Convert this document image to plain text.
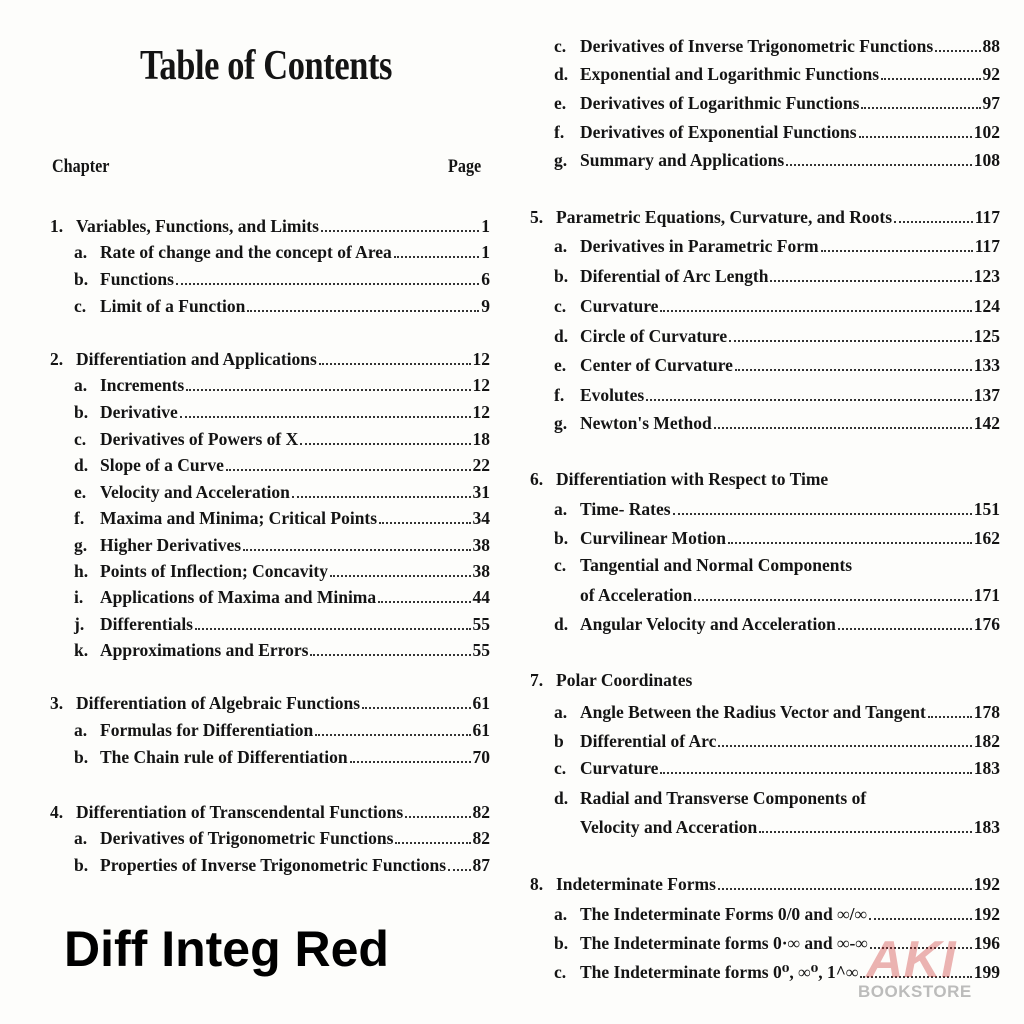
Table of Contents
Chapter	Page
1. Variables, Functions, and Limits	1
a. Rate of change and the concept of Area	1
b. Functions	6
c. Limit of a Function	9
2. Differentiation and Applications	12
a. Increments	12
b. Derivative	12
c. Derivatives of Powers of X	18
d. Slope of a Curve	22
e. Velocity and Acceleration	31
f. Maxima and Minima; Critical Points	34
g. Higher Derivatives	38
h. Points of Inflection; Concavity	38
i. Applications of Maxima and Minima	44
j. Differentials	55
k. Approximations and Errors	55
3. Differentiation of Algebraic Functions	61
a. Formulas for Differentiation	61
b. The Chain rule of Differentiation	70
4. Differentiation of Transcendental Functions	82
a. Derivatives of Trigonometric Functions	82
b. Properties of Inverse Trigonometric Functions 87
c. Derivatives of Inverse Trigonometric Functions	88
d. Exponential and Logarithmic Functions	92
e. Derivatives of Logarithmic Functions	97
f. Derivatives of Exponential Functions	102
g. Summary and Applications	108
5. Parametric Equations, Curvature, and Roots	117
a. Derivatives in Parametric Form	117
b. Diferential of Arc Length	123
c. Curvature	124
d. Circle of Curvature	125
e. Center of Curvature	133
f. Evolutes	137
g. Newton's Method	142
6. Differentiation with Respect to Time
a. Time- Rates	151
b. Curvilinear Motion	162
c. Tangential and Normal Components
of Acceleration	171
d. Angular Velocity and Acceleration	176
7. Polar Coordinates
a. Angle Between the Radius Vector and Tangent	178
b Differential of Arc	182
c. Curvature	183
d. Radial and Transverse Components of
Velocity and Acceration	183
8. Indeterminate Forms	192
a. The Indeterminate Forms 0/0 and ∞/∞	192
b. The Indeterminate forms 0·∞ and ∞-∞	196
c. The Indeterminate forms 0⁰, ∞⁰, 1^∞	199
Diff Integ Red	AKI
BOOKSTORE
